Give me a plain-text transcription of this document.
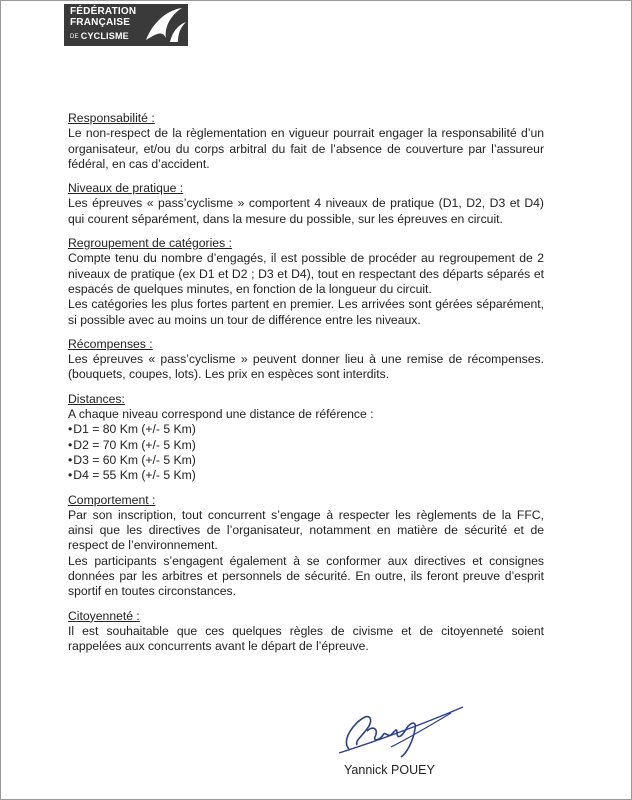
FÉDÉRATION
FRANÇAISE
DE CYCLISME
Responsabilité :

Le non-respect de la règlementation en vigueur pourrait engager la responsabilité d’un organisateur, et/ou du corps arbitral du fait de l’absence de couverture par l’assureur fédéral, en cas d’accident.

Niveaux de pratique :

Les épreuves « pass’cyclisme » comportent 4 niveaux de pratique (D1, D2, D3 et D4) qui courent séparément, dans la mesure du possible, sur les épreuves en circuit.

Regroupement de catégories :

Compte tenu du nombre d’engagés, il est possible de procéder au regroupement de 2 niveaux de pratique (ex D1 et D2 ; D3 et D4), tout en respectant des départs séparés et espacés de quelques minutes, en fonction de la longueur du circuit.

Les catégories les plus fortes partent en premier. Les arrivées sont gérées séparément, si possible avec au moins un tour de différence entre les niveaux.

Récompenses :

Les épreuves « pass’cyclisme » peuvent donner lieu à une remise de récompenses. (bouquets, coupes, lots). Les prix en espèces sont interdits.

Distances:

A chaque niveau correspond une distance de référence :

• D1 = 80 Km (+/- 5 Km)
• D2 = 70 Km (+/- 5 Km)
• D3 = 60 Km (+/- 5 Km)
• D4 = 55 Km (+/- 5 Km)
Comportement :

Par son inscription, tout concurrent s’engage à respecter les règlements de la FFC, ainsi que les directives de l’organisateur, notamment en matière de sécurité et de respect de l’environnement.

Les participants s’engagent également à se conformer aux directives et consignes données par les arbitres et personnels de sécurité. En outre, ils feront preuve d’esprit sportif en toutes circonstances.

Citoyenneté :

Il est souhaitable que ces quelques règles de civisme et de citoyenneté soient rappelées aux concurrents avant le départ de l’épreuve.

Yannick POUEY
